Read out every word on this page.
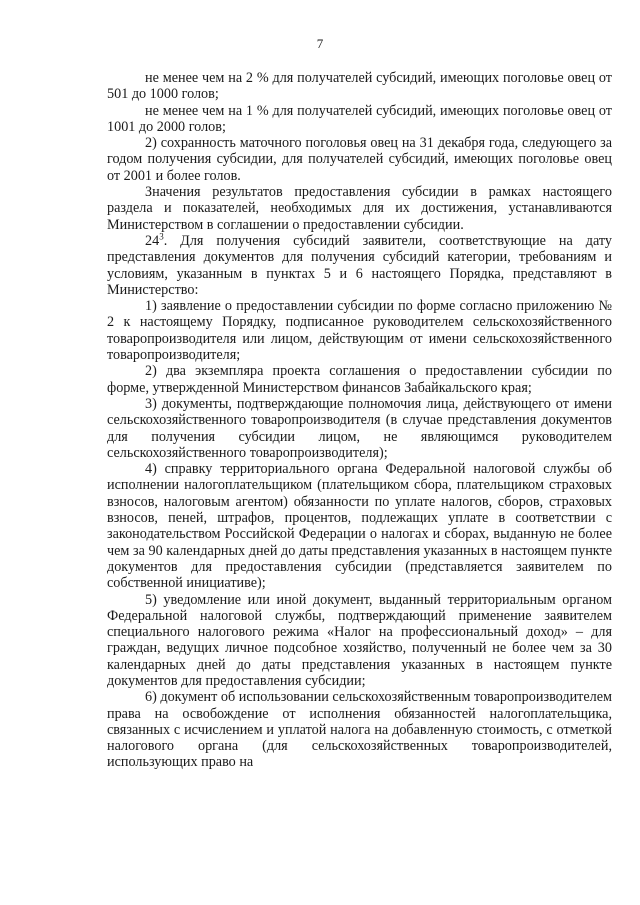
7

не менее чем на 2 % для получателей субсидий, имеющих поголовье овец от 501 до 1000 голов;

не менее чем на 1 % для получателей субсидий, имеющих поголовье овец от 1001 до 2000 голов;

2) сохранность маточного поголовья овец на 31 декабря года, следующего за годом получения субсидии, для получателей субсидий, имеющих поголовье овец от 2001 и более голов.

Значения результатов предоставления субсидии в рамках настоящего раздела и показателей, необходимых для их достижения, устанавливаются Министерством в соглашении о предоставлении субсидии.

$24^3$. Для получения субсидий заявители, соответствующие на дату представления документов для получения субсидий категории, требованиям и условиям, указанным в пунктах 5 и 6 настоящего Порядка, представляют в Министерство:

1) заявление о предоставлении субсидии по форме согласно приложению № 2 к настоящему Порядку, подписанное руководителем сельскохозяйственного товаропроизводителя или лицом, действующим от имени сельскохозяйственного товаропроизводителя;

2) два экземпляра проекта соглашения о предоставлении субсидии по форме, утвержденной Министерством финансов Забайкальского края;

3) документы, подтверждающие полномочия лица, действующего от имени сельскохозяйственного товаропроизводителя (в случае представления документов для получения субсидии лицом, не являющимся руководителем сельскохозяйственного товаропроизводителя);

4) справку территориального органа Федеральной налоговой службы об исполнении налогоплательщиком (плательщиком сбора, плательщиком страховых взносов, налоговым агентом) обязанности по уплате налогов, сборов, страховых взносов, пеней, штрафов, процентов, подлежащих уплате в соответствии с законодательством Российской Федерации о налогах и сборах, выданную не более чем за 90 календарных дней до даты представления указанных в настоящем пункте документов для предоставления субсидии (представляется заявителем по собственной инициативе);

5) уведомление или иной документ, выданный территориальным органом Федеральной налоговой службы, подтверждающий применение заявителем специального налогового режима «Налог на профессиональный доход» – для граждан, ведущих личное подсобное хозяйство, полученный не более чем за 30 календарных дней до даты представления указанных в настоящем пункте документов для предоставления субсидии;

6) документ об использовании сельскохозяйственным товаропроизводителем права на освобождение от исполнения обязанностей налогоплательщика, связанных с исчислением и уплатой налога на добавленную стоимость, с отметкой налогового органа (для сельскохозяйственных товаропроизводителей, использующих право на
